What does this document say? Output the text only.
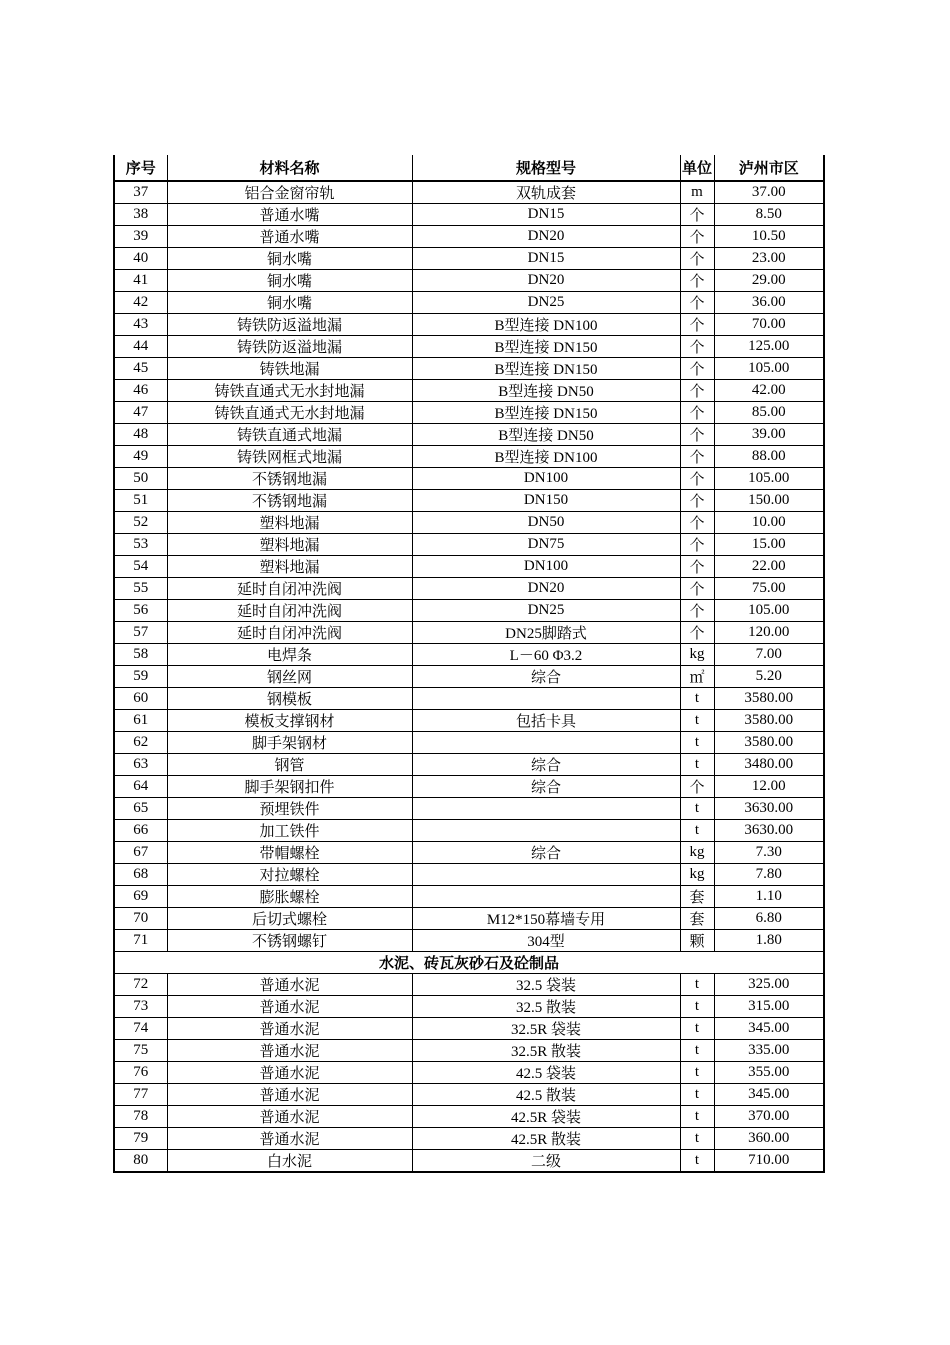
序号	材料名称	规格型号	单位	泸州市区
37	铝合金窗帘轨	双轨成套	m	37.00
38	普通水嘴	DN15	个	8.50
39	普通水嘴	DN20	个	10.50
40	铜水嘴	DN15	个	23.00
41	铜水嘴	DN20	个	29.00
42	铜水嘴	DN25	个	36.00
43	铸铁防返溢地漏	B型连接 DN100	个	70.00
44	铸铁防返溢地漏	B型连接 DN150	个	125.00
45	铸铁地漏	B型连接 DN150	个	105.00
46	铸铁直通式无水封地漏	B型连接 DN50	个	42.00
47	铸铁直通式无水封地漏	B型连接 DN150	个	85.00
48	铸铁直通式地漏	B型连接 DN50	个	39.00
49	铸铁网框式地漏	B型连接 DN100	个	88.00
50	不锈钢地漏	DN100	个	105.00
51	不锈钢地漏	DN150	个	150.00
52	塑料地漏	DN50	个	10.00
53	塑料地漏	DN75	个	15.00
54	塑料地漏	DN100	个	22.00
55	延时自闭冲洗阀	DN20	个	75.00
56	延时自闭冲洗阀	DN25	个	105.00
57	延时自闭冲洗阀	DN25脚踏式	个	120.00
58	电焊条	L－60 Φ3.2	kg	7.00
59	钢丝网	综合	㎡	5.20
60	钢模板		t	3580.00
61	模板支撑钢材	包括卡具	t	3580.00
62	脚手架钢材		t	3580.00
63	钢管	综合	t	3480.00
64	脚手架钢扣件	综合	个	12.00
65	预埋铁件		t	3630.00
66	加工铁件		t	3630.00
67	带帽螺栓	综合	kg	7.30
68	对拉螺栓		kg	7.80
69	膨胀螺栓		套	1.10
70	后切式螺栓	M12*150幕墙专用	套	6.80
71	不锈钢螺钉	304型	颗	1.80
水泥、砖瓦灰砂石及砼制品				
72	普通水泥	32.5 袋装	t	325.00
73	普通水泥	32.5 散装	t	315.00
74	普通水泥	32.5R 袋装	t	345.00
75	普通水泥	32.5R 散装	t	335.00
76	普通水泥	42.5 袋装	t	355.00
77	普通水泥	42.5 散装	t	345.00
78	普通水泥	42.5R 袋装	t	370.00
79	普通水泥	42.5R 散装	t	360.00
80	白水泥	二级	t	710.00
